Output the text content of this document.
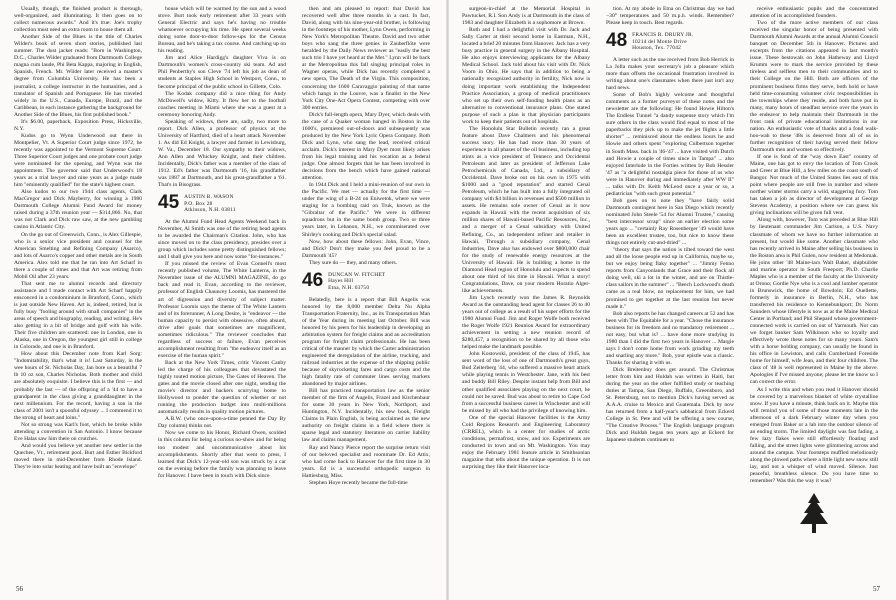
Usually, though, the finished product is thorough, well-organized, and illuminating. It then goes on to collect numerous awards." And it's true: Joe's trophy collection must need an extra room to house them all.

Another Side of the Blues is the title of Charles Wilder's book of seven short stories, published last summer. The dust jacket reads: "Born in Washington, D.C., Charles Wilder graduated from Dartmouth College magna cum laude, Phi Beta Kappa, majoring in English, Spanish, French. Mr. Wilder later received a master's degree from Columbia University. He has been a journalist, a college instructor in the humanities, and a translator of Spanish and Portuguese. He has traveled widely in the U.S., Canada, Europe, Brazil, and the Caribbean, in each instance gathering the background for Another Side of the Blues, his first published book."

It's $6.00, paperback, Exposition Press, Hicksville, N.Y.

Kudos go to Wynn Underwood out there in Montpelier, Vt. A Superior Court judge since 1972, he recently was appointed to the Vermont Supreme Court. Three Superior Court judges and one probate court judge were nominated for the opening, and Wynn was the appointment. The governor said that Underwood's 18 years as a trial lawyer and nine years as a judge made him "eminently qualified" for the state's highest court.

Also kudos to our two 1944 class agents, Clark MacGregor and Dick Mayberry, for winning a 1980 Dartmouth College Alumni Fund Award for money raised during a 37th reunion year — $314,866. No, that was not Clark and Dick raw saw, at the new gambling casino in Atlantic City.

On the go out of Greenwich, Conn., is Alex Gillespie, who is a senior vice president and counsel for the American Smelting and Refining Company (Asarco), and lots of Asarco's copper and other metals are in South America. Alex told me that he ran into Art Scharf in there a couple of times and that Art was retiring from Mobil Oil after 23 years.

That sent me to alumni records and directory assistance and I made contact with Art Scharf happily ensconced in a condominium in Branford, Conn., which is just outside New Haven. Art is, indeed, retired, but is fully busy "fooling around with small companies" in the areas of speech and biography, reading, and writing. He's also getting in a bit of bridge and golf with his wife. Their five children are scattered: one in London, one in Alaska, one in Oregon, the youngest girl still in college in Colorado, and one is in Branford.

How about this December note from Karl Sorg: "Indomitability, that's what it is! Last Saturday, in the wee hours of St. Nicholas Day, Jan bore us a beautiful 7 lb 10 oz son, Charles Nicholas. Both mother and child are absolutely exquisite. I believe this is the first — and probably the last — of the offspring of a '44 to have a grandparent in the class giving a granddaughter in the next millennium. For the record, having a son in the class of 2001 isn't a spoonful odyssey ... I commend it to the strong of heart and loins."

Not so strong was Karl's foot, which he broke while attending a convention in San Antonio. I know because Eve Halas saw him there on crutches.

And would you believe yet another new settler in the Quechee, Vt., retirement pool. Burt and Esther Bickford moved there in mid-December from Rhode Island. They're into solar heating and have built an "envelope"

house which will be warmed by the sun and a wood stove. Burt took early retirement after 33 years with General Electric and says he's having no trouble whatsoever occupying his time. He spent several weeks doing some door-to-door follow-ups for the Census Bureau, and he's taking a tax course. And catching up on his reading.

Jim and Alice Hardigg's daughter Viva is on Dartmouth's women's cross-country ski team. Ad and Phil Penberthy's son Cleve '74 left his job as dean of students at Staples High School in Westport, Conn., to become principal of the public school in Gillette, Colo.

The Kodak company did a nice thing for Andy McDowell's widow, Kitty. It flew her to the football coaches meeting in Miami where she was a guest at a ceremony honoring Andy.

Speaking of widows, there are, sadly, two more to report. Dick Allen, a professor of physics at the University of Hartford, died of a heart attack November 1. As did Ed Knight, a lawyer and farmer in Lewisburg, W. Va., December 18. Our sympathy to their widows, Ann Allen and Whickey Knight, and their children. Incidentally, Dick's father was a member of the class of 1912. Ed's father was Dartmouth '16, his grandfather was 1887 at Dartmouth, and his great-grandfather a '61. That's in Bisograss.

45 AUSTIN B. WASON
P.O. Box 28
Atkinson, N.H. 03811

At the Alumni Fund Head Agents Weekend back in November, Al Smith was one of the retiring head agents to be awarded the Chairman's Citation. John, who has since moved on to the class presidency, presides over a group which includes some pretty distinguished fellows; and I shall give you here and now some "for-instances."

If you missed the review of Evan Connell's most recently published volume, The White Lanterns, in the November issue of the ALUMNI MAGAZINE, do go back and read it. Evan, according to the reviewer, professor of English Chauncey Loomis, has mastered the art of digression and diversity of subject matter. Professor Loomis says the theme of The White Lantern and of its forerunner, A Long Desire, is "endeavor — the human capacity to persist with obsessive, often absurd, drive after goals that sometimes are magnificent, sometimes ridiculous." The reviewer concludes that regardless of success or failure, Evan perceives accomplishment resulting from "the endeavor itself as an exercise of the human spirit."

Back at the New York Times, critic Vincent Canby led the charge of his colleagues that devastated the highly touted motion picture, The Gates of Heaven. The gates and the movie closed after one night, sending the movie's director and backers scurrying home to Hollywood to ponder the question of whether or not running the production budget into multi-millions automatically results in quality motion pictures.

A.B.W. (who once-upon-a-time penned the Day By Day column) thinks not.

Now we come to his Honor, Richard Owen, scolded in this column for being a curious no-show and for being too modest and uncommunicative about his accomplishments. Shortly after that went to press, I learned that Dick's 12-year-old son was struck by a car on the evening before the family was planning to leave for Hanover. I have been in touch with Dick since

then and am pleased to report: that David has recovered well after three months in a cast. In fact, David, along with his nine-year-old brother, is following in the footsteps of his mother, Lynn Owen, performing in New York's Metropolitan Theatre. David and two other boys who sang the three genies in Zauberflöte were heralded by the Daily News reviewer as "easily the best such trio I have yet heard at the Met." Lynn will be back at the Metropolitan this fall singing principal roles in Wagner operas, while Dick has recently completed a new opera, The Death of the Virgin. This composition, concerning the 1600 Caravaggio painting of that name which hangs in the Louvre, was a finalist in the New York City One-Act Opera Contest, competing with over 300 entries.

Dick's full-length opera, Mary Dyer, which deals with the case of a Quaker woman hanged in Boston in the 1600's, premiered out-of-doors and subsequently was produced by the New York Lyric Opera Company. Both Dick and Lynn, who sang the lead, received critical acclaim. Dick's interest in Mary Dyer most likely arises from his legal training and his vocation as a federal judge. One almost forgets that he has been involved in decisions from the bench which have gained national attention.

In 1944 Dick and I held a mini-reunion of our own in the Pacific. We met — actually for the first time — under the wing of a B-24 on Eniwetok, where we were staging for a bombing raid on Truk, known as the "Gibraltar of the Pacific." We were in different squadrons but in the same bomb group. Two or three years later, in Lebanon, N.H., we commiserated over Shirley's cooking and Dick's special salad.

Now, how about these fellows: John, Evan, Vince, and Dick? Don't they make you feel proud to be a Dartmouth '45?

They sure do — they, and many others.

46 DUNCAN W. FITCHET
Hayes Hill
Etna, N.H. 03750

Belatedly, here is a report that Bill Augelis was honored by the 8,000 member Delta Nu Alpha Transportation Fraternity, Inc., as its Transportation Man of the Year during its meeting last October. Bill was honored by his peers for his leadership in developing an arbitration system for freight claims and an accreditation program for freight claim professionals. He has been critical of the manner by which the Carter administration engineered the deregulation of the airline, trucking, and railroad industries at the expense of the shipping public because of skyrocketing fares and cargo costs and the high fatality rate of commuter lines serving markets abandoned by major airlines.

Bill has practiced transportation law as the senior member of the firm of Augelis, Frazel and Kirchenbaur for some 30 years in New York, Northport, and Huntington, N.Y. Incidentally, his new book, Freight Claims in Plain English, is being acclaimed as the new authority on freight claims in a field where there is sparse legal and statutory literature on carrier liability law and claims management.

Ray and Nancy Pierce report the surprise return visit of our beloved specialist and roommate Dr. Ed Attix, who had come back to Hanover for the first time in 30 years. Ed is a successful orthopedic surgeon in Hattiesburg, Miss.

Stephen Hoye recently became the full-time

56

surgeon-in-chief at the Memorial Hospital in Pawtucket, R.I. Son Andy is at Dartmouth in the class of 1983 and daughter Elizabeth is a sophomore at Brown.

Ruth and I had a delightful visit with Dr. Jack and Sally Carter at their second home in Eastman, N.H., located a brief 20 minutes from Hanover. Jack has a very busy practice in general surgery in the Albany Hospital. He also enjoys interviewing applicants for the Albany Medical School. Jack told about his visit with Dr. Nick Voorn in Ohio. He says that in addition to being a nationally recognized authority in fertility, Nick now is doing important work establishing the Independent Practice Association, a group of medical practitioners who set up their own self-funding health plans as an alternative to conventional insurance plans. One stated purpose of such a plan is that physician participants work to keep their patients out of hospitals.

The Honolulu Star Bulletin recently ran a great feature about Dave Chalmers and his phenomenal success story. He has had more than 30 years of experience in all phases of the oil business, including top stints as a vice president of Tenneco and Occidental Petroleum and later as president of Jefferson Lake Petrochemicals of Canada, Ltd., a subsidiary of Occidental. Dave broke out on his own in 1975 with $1000 and a "good reputation" and started Cenal Petroleum, which he has built into a fully integrated oil company with $4 billion in revenues and $500 million in assets. He remains sole owner of Cenal as it now expands in Hawaii with the recent acquisition of six million shares of Hawaii-based Pacific Resources, Inc., and a merger of a Cenal subsidiary with United Refining, Co., an independent refiner and retailer in Hawaii. Through a subsidiary company, Cenal Industries, Dave also has endowed over $800,000 chair for the study of renewable energy resources at the University of Hawaii. He is building a home in the Diamond Head region of Honolulu and expects to spend about one third of his time in Hawaii. What a story! Congratulations, Dave, on your modern Horatio Alger-like achievements.

Jim Lynch recently won the James R. Reynolds Award as the outstanding head agent for classes 26 to 40 years out of college as a result of his super efforts for the 1980 Alumni Fund. Jim and Roger Wolfe both received the Roger Wolfe 1921 Reunion Award for extraordinary achievement in setting a new reunion record of $280,457, a recognition to be shared by all those who helped make the landmark possible.

John Kostowski, president of the class of 1945, has sent word of the loss of one of Dartmouth's great guys, Bud Zeiterberg '44, who suffered a massive heart attack while playing tennis in Westchester. Jane, with his best and buddy Bill Riley. Despite instant help from Bill and other qualified associates playing on the next court, he could not be saved. Bud was about to retire to Cape Cod from a successful business career in Winchester and will be missed by all who had the privilege of knowing him.

One of the special Hanover facilities is the Army Cold Regions Research and Engineering Laboratory (CRREL), which is a center for studies of arctic conditions, permafrost, snow, and ice. Experiments are conducted in town and on Mt. Washington. You may enjoy the February 1981 feature article in Smithsonian magazine that tells about the unique operation. It is not surprising they like their Hanover loca-

tion. At my abode in Etna on Christmas day we had −30° temperatures and 50 m.p.h. winds. Remember? Please keep in touch. Best regards.

48 FRANCIS R. DRURY JR.
10214 del Monte Drive
Houston, Tex. 77042

A letter such as the one received from Bob Herrick in La Jolla makes your secretary's job a pleasure which more than offsets the occasional frustration involved in writing about one's classmates when there just isn't any hard news.

Some of Bob's highly welcome and thoughtful comments as a former purveyor of these notes and the newsletter are the following: He found Howie Hilton's The Endless Tunnel "a dandy suspense story which I'm sure others in the class would find equal to most of the paperbacks they pick up to make the jet flights a little shorter" ... reminisced about the endless hours he and Howie and others spent "exploring Culbertson together in South Mass. back in '46-'47 ... have visited with Dutch and Howie a couple of times since in Tampa" ... also enjoyed Interlude in the Forties written by Bob Hessler '47 as "a delightful nostalgia piece for those of us who were in Hanover during and immediately after WW II" ... talks with Dr. Keith McLeod once a year or so, a pediatrician "with such great potential."

Bob goes on to note they "have fairly solid Dartmouth contingent here in San Diego which recently nominated John Steele '54 for Alumni Trustee," causing "best intercessor scrap" since an earlier election some years ago ... "certainly Ray Rosenberger '49 would have been an excellent trustee, too, but nice to know these things not entirely cut-and-dried" ...

"theory that says the nation is tilted toward the west and all the loose people end up in California, maybe so, but we enjoy being flaky together" ... "Jimmy Fenno reports from Canyonlands that Grace and their flock all doing well, ski a lot in the winter, and are on Thistle-class sailors in the summer" ... "Beech Lockwood's death came as a real blow, no replacement for him, we had promised to get together at the last reunion but never made it."

Bob also reports he has changed careers at 52 and has been with The Equitable for a year. "Chose the insurance business for its freedom and no mandatory retirement ... not easy, but what is? ... have done more studying in 1980 than I did the first two years in Hanover ... Margie says I don't come home from work grinding my teeth and snarling any more." Bob, your epistle was a classic. Thanks for sharing it with us.

Dick Breitenbuy does get around. The Christmas letter from him and Huldah was written in Haiti, but during the year on the other fulfilled study or teaching duties at Tampa, San Diego, Buffalo, Greensboro, and St. Petersburg, not to mention Dick's having served as A.A.A. cruise to Mexico and Guatemala. Dick by now has returned from a half-year's sabbatical from Eckerd College in St. Pete and will be offering a new course, "The Creative Process." The English language program Dick and Huldah began ten years ago at Eckerd for Japanese students continues to

receive enthusiastic pupils and the concentrated attention of its accomplished founders.

Two of the more active members of our class received the singular honor of being presented with Dartmouth Alumni Awards at the annual Alumni Council banquet on December 5th in Hanover. Pictures and excerpts from the citations appeared in last month's issue. These bestowals on John Hatheway and Lloyd Krumm were to mark the service provided by these tireless and selfless men to their communities and to their College on the Hill. Both are officers of the prominent business firms they serve, both hold or have held time-consuming volunteer civic responsibilities in the townships where they reside, and both have put in many, many hours of steadfast service over the years in the endeavor to help maintain their Dartmouth in the front rank of private educational institutions in our nation. An enthusiastic vote of thanks and a fond walk-hoo-wah to these '48s is deserved from all of us in further recognition of their having served their fellow Dartmouth men and women so effectively.

If one is fond of the "way down East" country of Maine, one has got to envy the location of Tom Crook and Greer at Blue Hill, a few miles on the coast south of Bangor. Not much of the United States lies east of this point where people are still free in number and where norther winter storms carry a wild, staggering fury. Tom has taken a job as director of development at George Stevens Academy, a position where we can guess his giving inclinations will be given full vent.

Along with, however, Tom was preceded at Blue Hill by lieutenant commander Jim Carlson, a U.S. Navy classmate of whom we have no further information at present, but would like some. Another classmate who has recently arrived in Maine after selling his business in the Boston area is Phil Gulen, now resident at Medomak. He joins other '48 Maine-iacs Walt Baker, shipbuilder and marine operator in South Freeport; Ph.D. Charlie Maples who is a member of the faculty at the University at Orono; Gordie Nye who is a cool and lumber operator in Brunswick, the home of Bowdoin; Ed Ouellette, formerly in insurance in Berlin, N.H., who has transferred his residence to Kennebunkport; Dr. Norm Saunders whose lifestyle is now as at the Maine Medical Center in Portland; and Phil Shepard whose government-connected work is carried on out of Yarmouth. Nor can we forget banker Sam Wilkinson who so loyally and effectively wrote these notes for so many years. Sam's with a horse holding company, can usually be found in his office in Lewiston, and calls Cumberland Foreside home for himself, wife Jean, and their four children. The class of '48 is well represented in Maine by the above. Apologies if I've missed anyone; please let me know so I can correct the error.

As I write this and when you read it Hanover should be covered by a marvelous blanket of white crystalline snow. If you have a minute, think back on it. Maybe this will remind you of some of those moments late in the afternoon of a dark February winter day when you emerged from Baker or a lab into the outdoor silence of an ending storm. The limited daylight was fast fading, a few lazy flakes were still effortlessly floating and falling, and the street lights were glimmering across and around the campus. Your footsteps muffled melodiously along the plowed paths where a little light new snow still lay, and not a whisper of wind moved. Silence. Just peaceful, breathless silence. Do you have time to remember? Was this the way it was?

57
